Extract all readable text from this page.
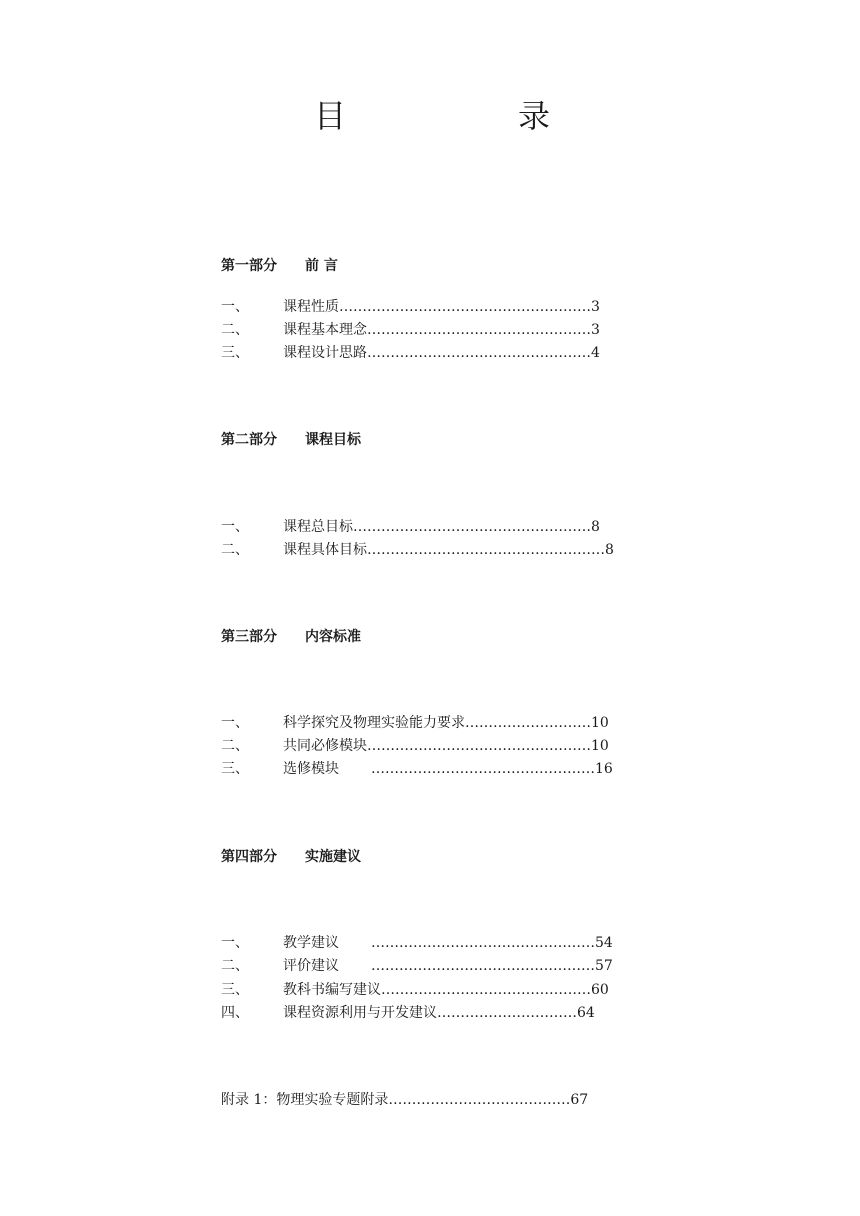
目	录
第一部分 前 言
一、 课程性质………………………………………………3
二、 课程基本理念…………………………………………3
三、 课程设计思路…………………………………………4
第二部分 课程目标
一、 课程总目标……………………………………………8
二、 课程具体目标……………………………………………8
第三部分 内容标准
一、 科学探究及物理实验能力要求………………………10
二、 共同必修模块…………………………………………10
三、 选修模块 …………………………………………16
第四部分 实施建议
一、 教学建议 …………………………………………54
二、 评价建议 …………………………………………57
三、 教科书编写建议………………………………………60
四、 课程资源利用与开发建议…………………………64
附录 1：物理实验专题附录…………………………………67
